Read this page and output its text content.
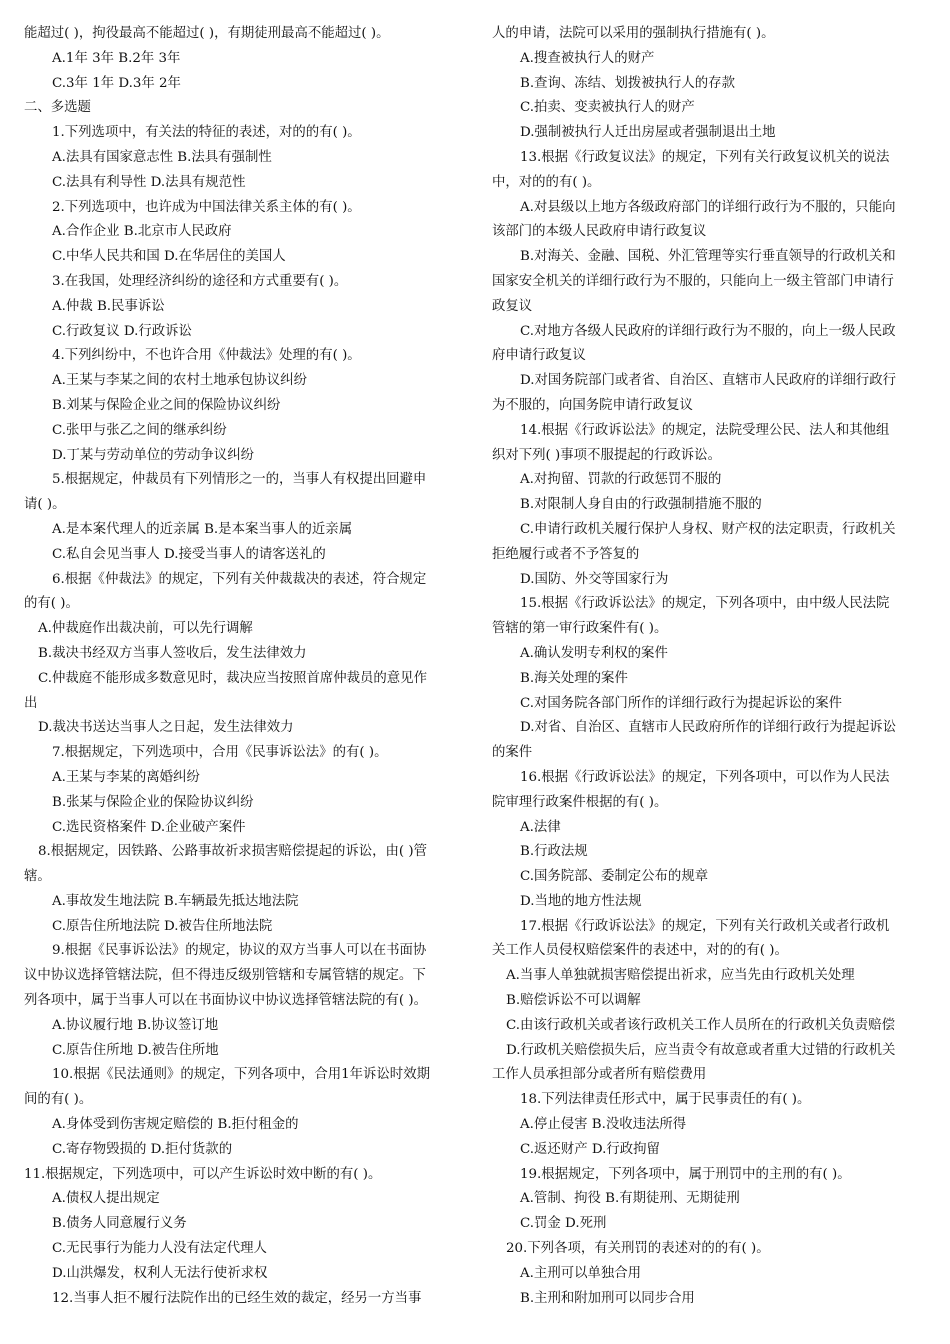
能超过( )，拘役最高不能超过( )，有期徒刑最高不能超过( )。
A.1年 3年 B.2年 3年
C.3年 1年 D.3年 2年
二、多选题
1.下列选项中，有关法的特征的表述，对的的有( )。
A.法具有国家意志性 B.法具有强制性
C.法具有利导性 D.法具有规范性
2.下列选项中，也许成为中国法律关系主体的有( )。
A.合作企业 B.北京市人民政府
C.中华人民共和国 D.在华居住的美国人
3.在我国，处理经济纠纷的途径和方式重要有( )。
A.仲裁 B.民事诉讼
C.行政复议 D.行政诉讼
4.下列纠纷中，不也许合用《仲裁法》处理的有( )。
A.王某与李某之间的农村土地承包协议纠纷
B.刘某与保险企业之间的保险协议纠纷
C.张甲与张乙之间的继承纠纷
D.丁某与劳动单位的劳动争议纠纷
5.根据规定，仲裁员有下列情形之一的，当事人有权提出回避申
请( )。
A.是本案代理人的近亲属 B.是本案当事人的近亲属
C.私自会见当事人 D.接受当事人的请客送礼的
6.根据《仲裁法》的规定，下列有关仲裁裁决的表述，符合规定
的有( )。
A.仲裁庭作出裁决前，可以先行调解
B.裁决书经双方当事人签收后，发生法律效力
C.仲裁庭不能形成多数意见时，裁决应当按照首席仲裁员的意见作
出
D.裁决书送达当事人之日起，发生法律效力
7.根据规定，下列选项中，合用《民事诉讼法》的有( )。
A.王某与李某的离婚纠纷
B.张某与保险企业的保险协议纠纷
C.选民资格案件 D.企业破产案件
8.根据规定，因铁路、公路事故祈求损害赔偿提起的诉讼，由( )管
辖。
A.事故发生地法院 B.车辆最先抵达地法院
C.原告住所地法院 D.被告住所地法院
9.根据《民事诉讼法》的规定，协议的双方当事人可以在书面协
议中协议选择管辖法院，但不得违反级别管辖和专属管辖的规定。下
列各项中，属于当事人可以在书面协议中协议选择管辖法院的有( )。
A.协议履行地 B.协议签订地
C.原告住所地 D.被告住所地
10.根据《民法通则》的规定，下列各项中，合用1年诉讼时效期
间的有( )。
A.身体受到伤害规定赔偿的 B.拒付租金的
C.寄存物毁损的 D.拒付货款的
11.根据规定，下列选项中，可以产生诉讼时效中断的有( )。
A.债权人提出规定
B.债务人同意履行义务
C.无民事行为能力人没有法定代理人
D.山洪爆发，权利人无法行使祈求权
12.当事人拒不履行法院作出的已经生效的裁定，经另一方当事
人的申请，法院可以采用的强制执行措施有( )。
A.搜查被执行人的财产
B.查询、冻结、划拨被执行人的存款
C.拍卖、变卖被执行人的财产
D.强制被执行人迁出房屋或者强制退出土地
13.根据《行政复议法》的规定，下列有关行政复议机关的说法
中，对的的有( )。
A.对县级以上地方各级政府部门的详细行政行为不服的，只能向
该部门的本级人民政府申请行政复议
B.对海关、金融、国税、外汇管理等实行垂直领导的行政机关和
国家安全机关的详细行政行为不服的，只能向上一级主管部门申请行
政复议
C.对地方各级人民政府的详细行政行为不服的，向上一级人民政
府申请行政复议
D.对国务院部门或者省、自治区、直辖市人民政府的详细行政行
为不服的，向国务院申请行政复议
14.根据《行政诉讼法》的规定，法院受理公民、法人和其他组
织对下列( )事项不服提起的行政诉讼。
A.对拘留、罚款的行政惩罚不服的
B.对限制人身自由的行政强制措施不服的
C.申请行政机关履行保护人身权、财产权的法定职责，行政机关
拒绝履行或者不予答复的
D.国防、外交等国家行为
15.根据《行政诉讼法》的规定，下列各项中，由中级人民法院
管辖的第一审行政案件有( )。
A.确认发明专利权的案件
B.海关处理的案件
C.对国务院各部门所作的详细行政行为提起诉讼的案件
D.对省、自治区、直辖市人民政府所作的详细行政行为提起诉讼
的案件
16.根据《行政诉讼法》的规定，下列各项中，可以作为人民法
院审理行政案件根据的有( )。
A.法律
B.行政法规
C.国务院部、委制定公布的规章
D.当地的地方性法规
17.根据《行政诉讼法》的规定，下列有关行政机关或者行政机
关工作人员侵权赔偿案件的表述中，对的的有( )。
A.当事人单独就损害赔偿提出祈求，应当先由行政机关处理
B.赔偿诉讼不可以调解
C.由该行政机关或者该行政机关工作人员所在的行政机关负责赔偿
D.行政机关赔偿损失后，应当责令有故意或者重大过错的行政机关
工作人员承担部分或者所有赔偿费用
18.下列法律责任形式中，属于民事责任的有( )。
A.停止侵害 B.没收违法所得
C.返还财产 D.行政拘留
19.根据规定，下列各项中，属于刑罚中的主刑的有( )。
A.管制、拘役 B.有期徒刑、无期徒刑
C.罚金 D.死刑
20.下列各项，有关刑罚的表述对的的有( )。
A.主刑可以单独合用
B.主刑和附加刑可以同步合用
